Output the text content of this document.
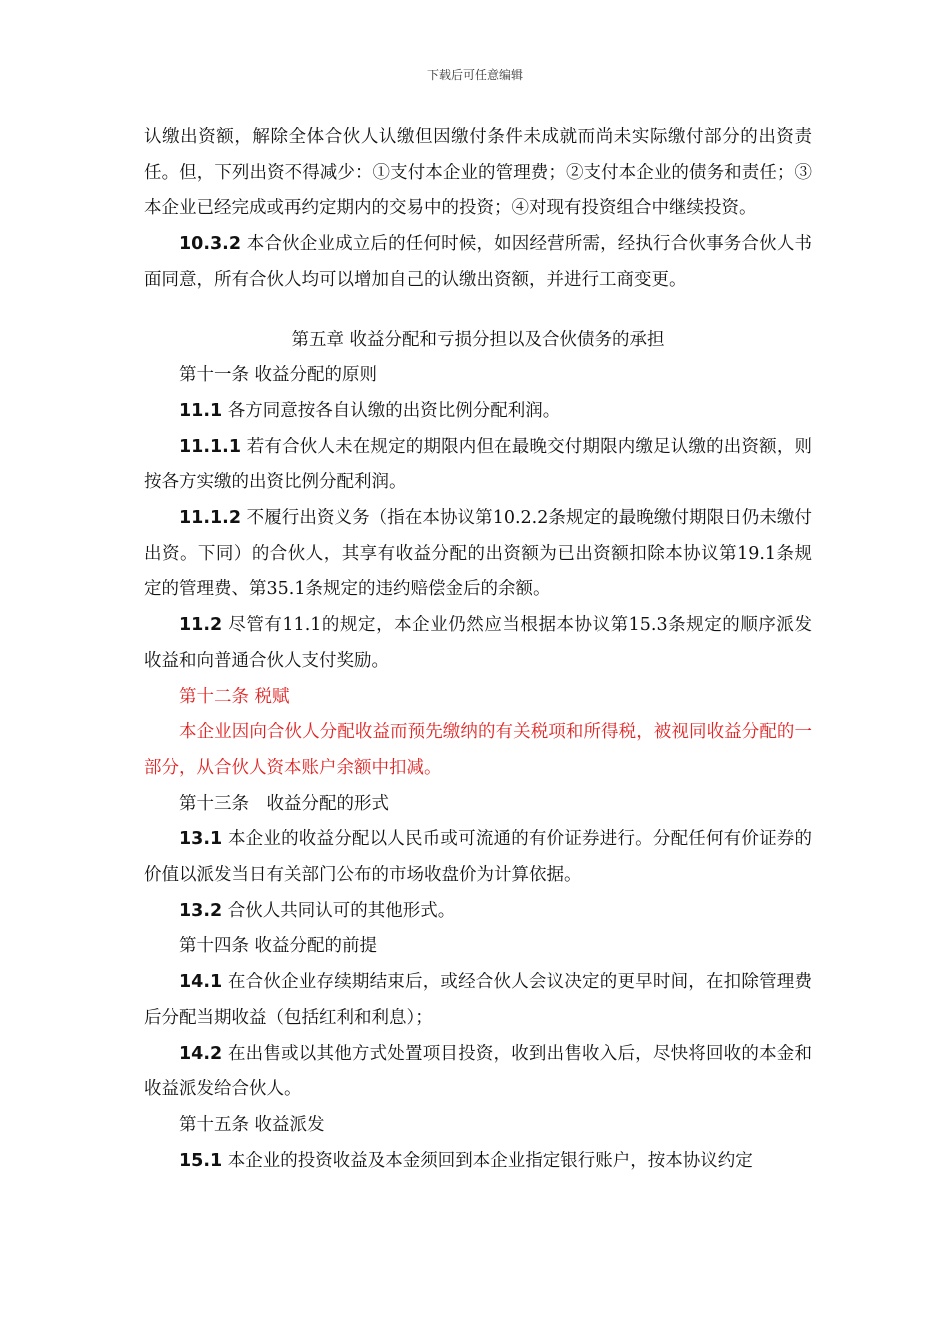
下载后可任意编辑

认缴出资额，解除全体合伙人认缴但因缴付条件未成就而尚未实际缴付部分的出资责任。但，下列出资不得减少：①支付本企业的管理费；②支付本企业的债务和责任；③本企业已经完成或再约定期内的交易中的投资；④对现有投资组合中继续投资。

10.3.2 本合伙企业成立后的任何时候，如因经营所需，经执行合伙事务合伙人书面同意，所有合伙人均可以增加自己的认缴出资额，并进行工商变更。

第五章 收益分配和亏损分担以及合伙债务的承担

第十一条 收益分配的原则

11.1 各方同意按各自认缴的出资比例分配利润。

11.1.1 若有合伙人未在规定的期限内但在最晚交付期限内缴足认缴的出资额，则按各方实缴的出资比例分配利润。

11.1.2 不履行出资义务（指在本协议第10.2.2条规定的最晚缴付期限日仍未缴付出资。下同）的合伙人，其享有收益分配的出资额为已出资额扣除本协议第19.1条规定的管理费、第35.1条规定的违约赔偿金后的余额。

11.2 尽管有11.1的规定，本企业仍然应当根据本协议第15.3条规定的顺序派发收益和向普通合伙人支付奖励。

第十二条 税赋

本企业因向合伙人分配收益而预先缴纳的有关税项和所得税，被视同收益分配的一部分，从合伙人资本账户余额中扣减。

第十三条 收益分配的形式

13.1 本企业的收益分配以人民币或可流通的有价证券进行。分配任何有价证券的价值以派发当日有关部门公布的市场收盘价为计算依据。

13.2 合伙人共同认可的其他形式。

第十四条 收益分配的前提

14.1 在合伙企业存续期结束后，或经合伙人会议决定的更早时间，在扣除管理费后分配当期收益（包括红利和利息）；

14.2 在出售或以其他方式处置项目投资，收到出售收入后，尽快将回收的本金和收益派发给合伙人。

第十五条 收益派发

15.1 本企业的投资收益及本金须回到本企业指定银行账户，按本协议约定
